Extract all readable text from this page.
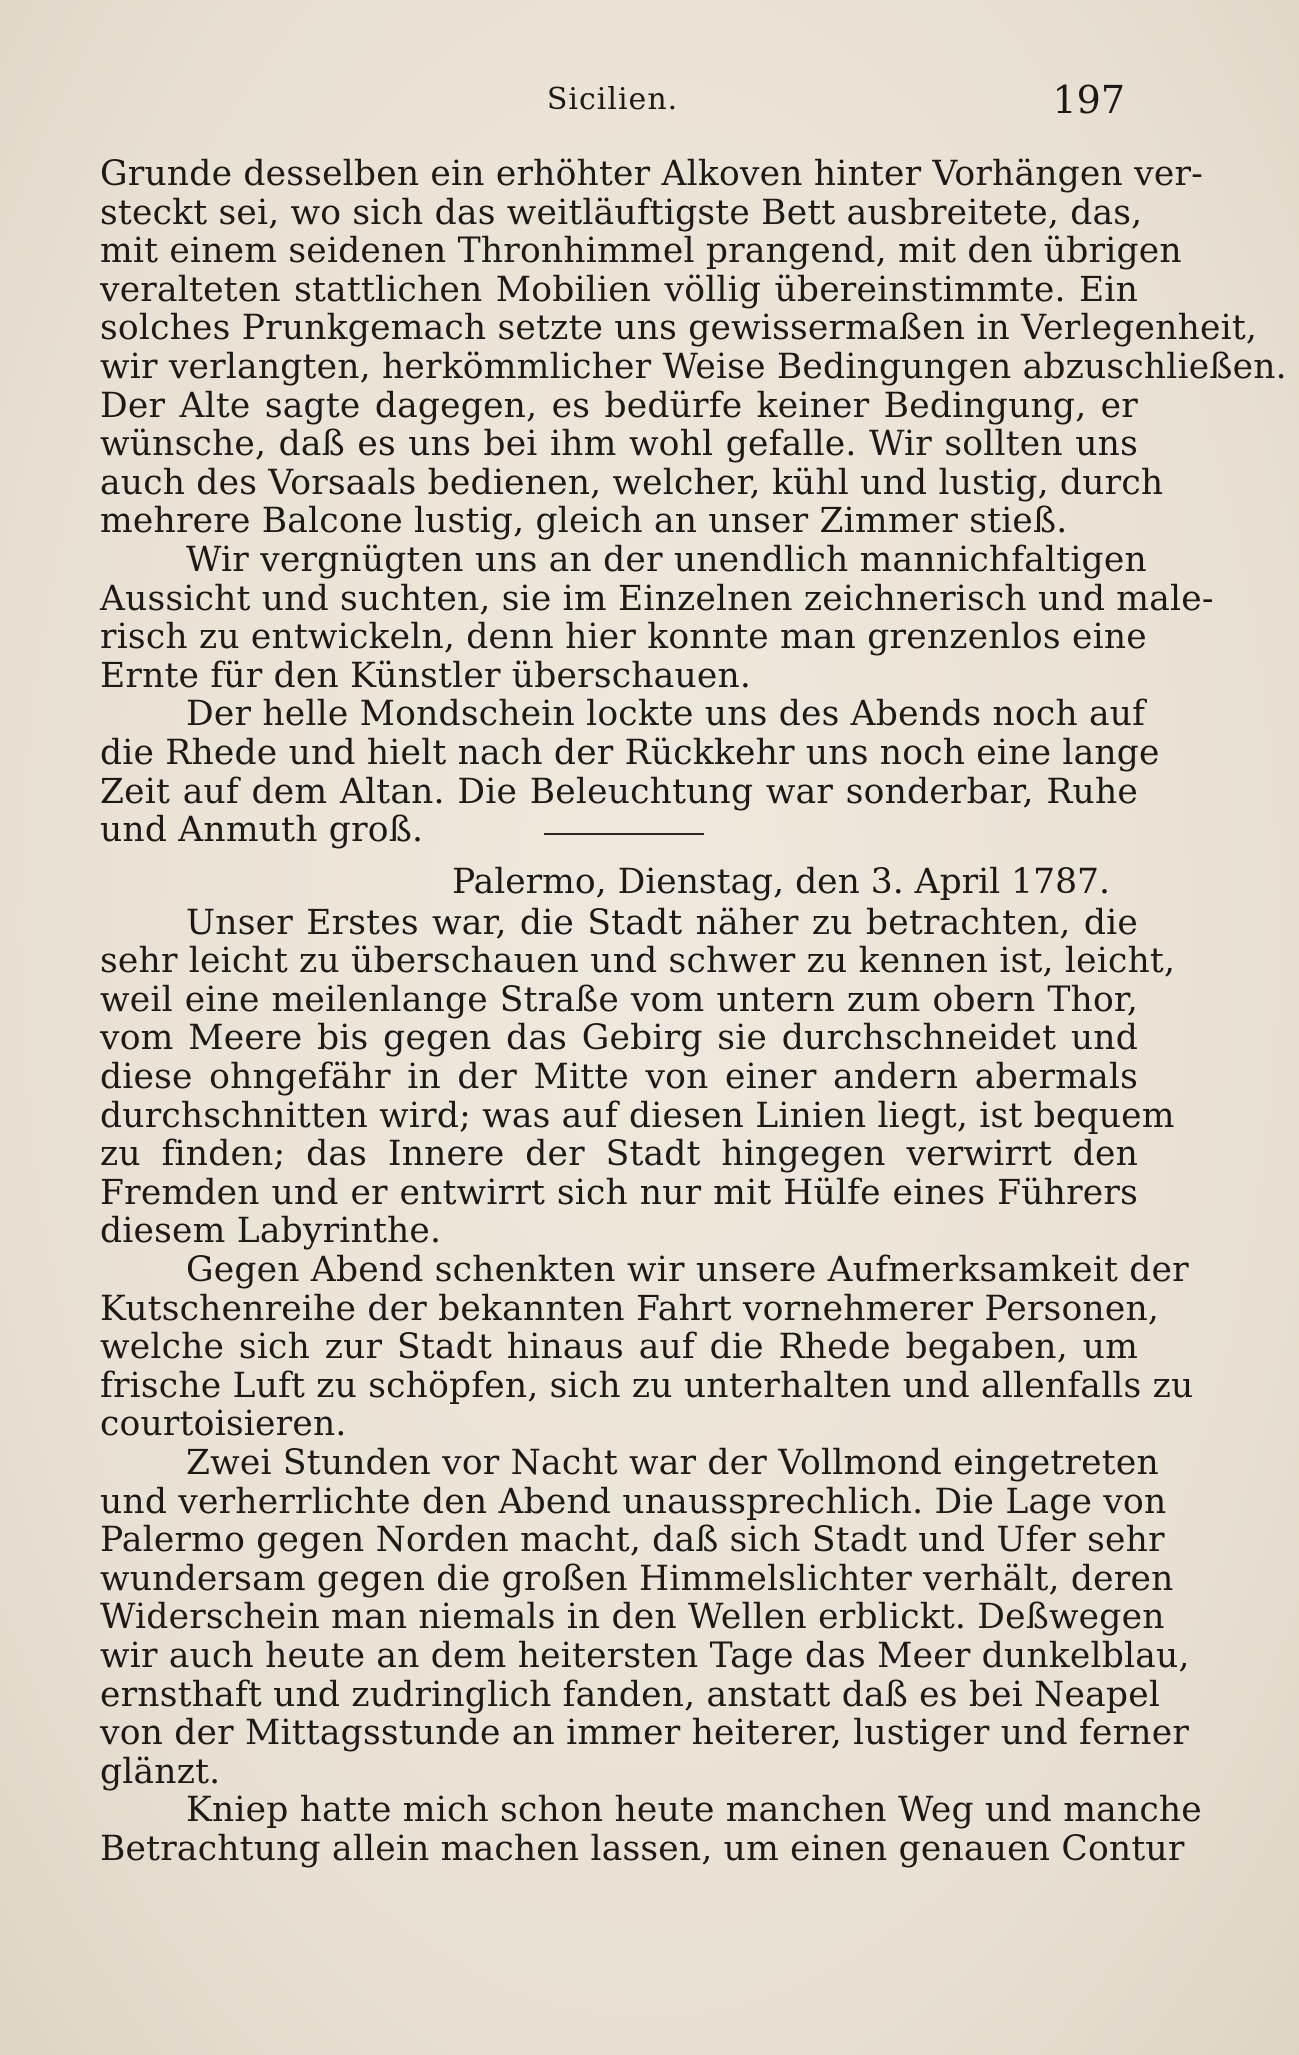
Sicilien.	197
Grunde desselben ein erhöhter Alkoven hinter Vorhängen ver-
steckt sei, wo sich das weitläuftigste Bett ausbreitete, das,
mit einem seidenen Thronhimmel prangend, mit den übrigen
veralteten stattlichen Mobilien völlig übereinstimmte. Ein
solches Prunkgemach setzte uns gewissermaßen in Verlegenheit,
wir verlangten, herkömmlicher Weise Bedingungen abzuschließen.
Der Alte sagte dagegen, es bedürfe keiner Bedingung, er
wünsche, daß es uns bei ihm wohl gefalle. Wir sollten uns
auch des Vorsaals bedienen, welcher, kühl und lustig, durch
mehrere Balcone lustig, gleich an unser Zimmer stieß.
Wir vergnügten uns an der unendlich mannichfaltigen
Aussicht und suchten, sie im Einzelnen zeichnerisch und male-
risch zu entwickeln, denn hier konnte man grenzenlos eine
Ernte für den Künstler überschauen.
Der helle Mondschein lockte uns des Abends noch auf
die Rhede und hielt nach der Rückkehr uns noch eine lange
Zeit auf dem Altan. Die Beleuchtung war sonderbar, Ruhe
und Anmuth groß.
Palermo, Dienstag, den 3. April 1787.
Unser Erstes war, die Stadt näher zu betrachten, die
sehr leicht zu überschauen und schwer zu kennen ist, leicht,
weil eine meilenlange Straße vom untern zum obern Thor,
vom Meere bis gegen das Gebirg sie durchschneidet und
diese ohngefähr in der Mitte von einer andern abermals
durchschnitten wird; was auf diesen Linien liegt, ist bequem
zu finden; das Innere der Stadt hingegen verwirrt den
Fremden und er entwirrt sich nur mit Hülfe eines Führers
diesem Labyrinthe.
Gegen Abend schenkten wir unsere Aufmerksamkeit der
Kutschenreihe der bekannten Fahrt vornehmerer Personen,
welche sich zur Stadt hinaus auf die Rhede begaben, um
frische Luft zu schöpfen, sich zu unterhalten und allenfalls zu
courtoisieren.
Zwei Stunden vor Nacht war der Vollmond eingetreten
und verherrlichte den Abend unaussprechlich. Die Lage von
Palermo gegen Norden macht, daß sich Stadt und Ufer sehr
wundersam gegen die großen Himmelslichter verhält, deren
Widerschein man niemals in den Wellen erblickt. Deßwegen
wir auch heute an dem heitersten Tage das Meer dunkelblau,
ernsthaft und zudringlich fanden, anstatt daß es bei Neapel
von der Mittagsstunde an immer heiterer, lustiger und ferner
glänzt.
Kniep hatte mich schon heute manchen Weg und manche
Betrachtung allein machen lassen, um einen genauen Contur
